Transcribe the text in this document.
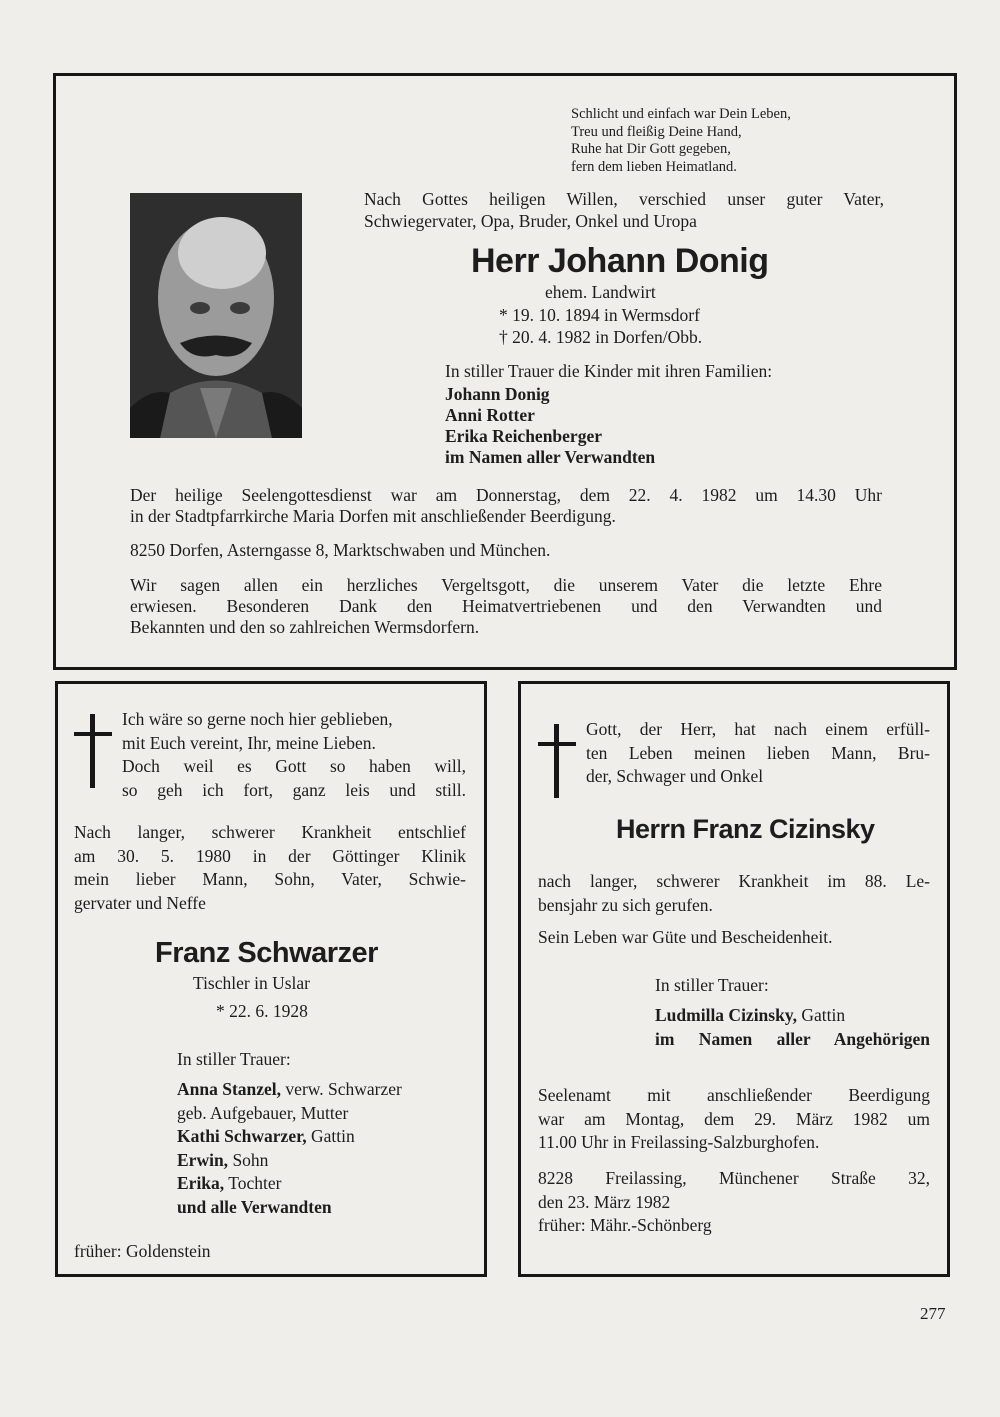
Schlicht und einfach war Dein Leben,
Treu und fleißig Deine Hand,
Ruhe hat Dir Gott gegeben,
fern dem lieben Heimatland.
Nach Gottes heiligen Willen, verschied unser guter Vater,
Schwiegervater, Opa, Bruder, Onkel und Uropa
Herr Johann Donig
ehem. Landwirt
* 19. 10. 1894 in Wermsdorf
† 20. 4. 1982 in Dorfen/Obb.
In stiller Trauer die Kinder mit ihren Familien:
Johann Donig
Anni Rotter
Erika Reichenberger
im Namen aller Verwandten
Der heilige Seelengottesdienst war am Donnerstag, dem 22. 4. 1982 um 14.30 Uhr
in der Stadtpfarrkirche Maria Dorfen mit anschließender Beerdigung.
8250 Dorfen, Asterngasse 8, Marktschwaben und München.
Wir sagen allen ein herzliches Vergeltsgott, die unserem Vater die letzte Ehre
erwiesen. Besonderen Dank den Heimatvertriebenen und den Verwandten und
Bekannten und den so zahlreichen Wermsdorfern.
Ich wäre so gerne noch hier geblieben,
mit Euch vereint, Ihr, meine Lieben.
Doch weil es Gott so haben will,
so geh ich fort, ganz leis und still.
Nach langer, schwerer Krankheit entschlief
am 30. 5. 1980 in der Göttinger Klinik
mein lieber Mann, Sohn, Vater, Schwie-
gervater und Neffe
Franz Schwarzer
Tischler in Uslar
* 22. 6. 1928
In stiller Trauer:
Anna Stanzel, verw. Schwarzer
geb. Aufgebauer, Mutter
Kathi Schwarzer, Gattin
Erwin, Sohn
Erika, Tochter
und alle Verwandten
früher: Goldenstein
Gott, der Herr, hat nach einem erfüll-
ten Leben meinen lieben Mann, Bru-
der, Schwager und Onkel
Herrn Franz Cizinsky
nach langer, schwerer Krankheit im 88. Le-
bensjahr zu sich gerufen.
Sein Leben war Güte und Bescheidenheit.
In stiller Trauer:
Ludmilla Cizinsky, Gattin
im Namen aller Angehörigen
Seelenamt mit anschließender Beerdigung
war am Montag, dem 29. März 1982 um
11.00 Uhr in Freilassing-Salzburghofen.
8228 Freilassing, Münchener Straße 32,
den 23. März 1982
früher: Mähr.-Schönberg
277
